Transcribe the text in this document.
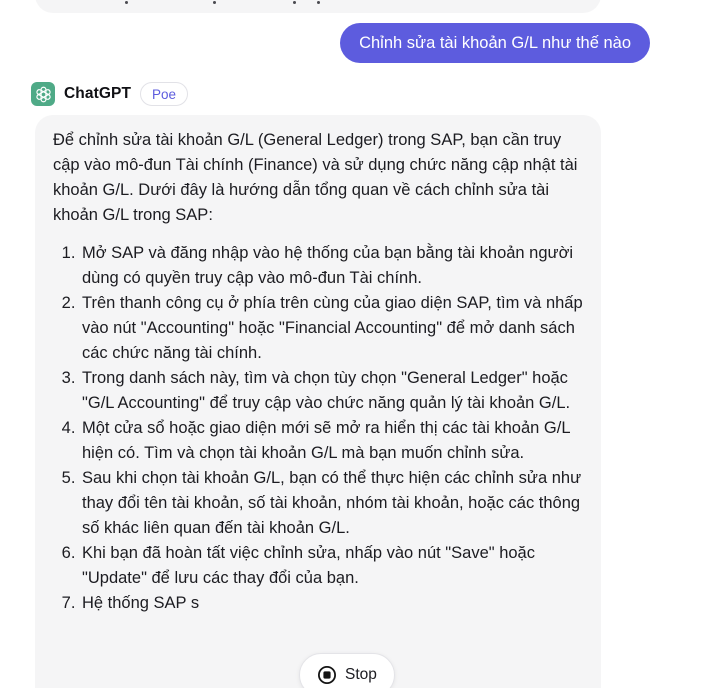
Chỉnh sửa tài khoản G/L như thế nào
ChatGPT	Poe

Để chỉnh sửa tài khoản G/L (General Ledger) trong SAP, bạn cần truy cập vào mô-đun Tài chính (Finance) và sử dụng chức năng cập nhật tài khoản G/L. Dưới đây là hướng dẫn tổng quan về cách chỉnh sửa tài khoản G/L trong SAP:

1. Mở SAP và đăng nhập vào hệ thống của bạn bằng tài khoản người dùng có quyền truy cập vào mô-đun Tài chính.
2. Trên thanh công cụ ở phía trên cùng của giao diện SAP, tìm và nhấp vào nút "Accounting" hoặc "Financial Accounting" để mở danh sách các chức năng tài chính.
3. Trong danh sách này, tìm và chọn tùy chọn "General Ledger" hoặc "G/L Accounting" để truy cập vào chức năng quản lý tài khoản G/L.
4. Một cửa sổ hoặc giao diện mới sẽ mở ra hiển thị các tài khoản G/L hiện có. Tìm và chọn tài khoản G/L mà bạn muốn chỉnh sửa.
5. Sau khi chọn tài khoản G/L, bạn có thể thực hiện các chỉnh sửa như thay đổi tên tài khoản, số tài khoản, nhóm tài khoản, hoặc các thông số khác liên quan đến tài khoản G/L.
6. Khi bạn đã hoàn tất việc chỉnh sửa, nhấp vào nút "Save" hoặc "Update" để lưu các thay đổi của bạn.
7. Hệ thống SAP s
Stop
